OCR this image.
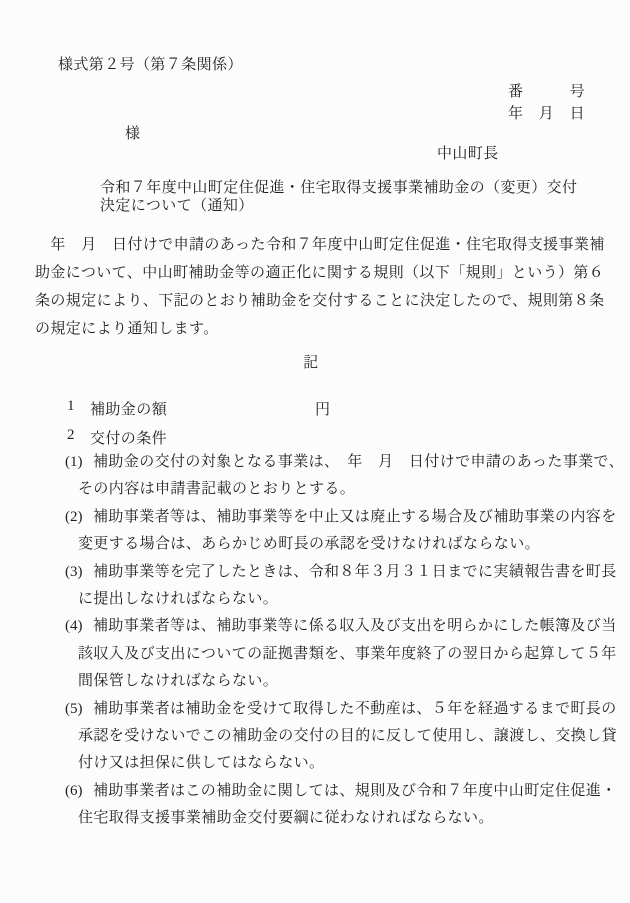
様式第２号（第７条関係）
番　　　号
年　月　日
様
中山町長
令和７年度中山町定住促進・住宅取得支援事業補助金の（変更）交付
決定について（通知）
　年　月　日付けで申請のあった令和７年度中山町定住促進・住宅取得支援事業補
助金について、中山町補助金等の適正化に関する規則（以下「規則」という）第６
条の規定により、下記のとおり補助金を交付することに決定したので、規則第８条
の規定により通知します。
記
1 補助金の額	円
2 交付の条件
(1) 補助金の交付の対象となる事業は、　年　月　日付けで申請のあった事業で、
その内容は申請書記載のとおりとする。
(2) 補助事業者等は、補助事業等を中止又は廃止する場合及び補助事業の内容を
変更する場合は、あらかじめ町長の承認を受けなければならない。
(3) 補助事業等を完了したときは、令和８年３月３１日までに実績報告書を町長
に提出しなければならない。
(4) 補助事業者等は、補助事業等に係る収入及び支出を明らかにした帳簿及び当
該収入及び支出についての証拠書類を、事業年度終了の翌日から起算して５年
間保管しなければならない。
(5) 補助事業者は補助金を受けて取得した不動産は、５年を経過するまで町長の
承認を受けないでこの補助金の交付の目的に反して使用し、譲渡し、交換し貸
付け又は担保に供してはならない。
(6) 補助事業者はこの補助金に関しては、規則及び令和７年度中山町定住促進・
住宅取得支援事業補助金交付要綱に従わなければならない。
